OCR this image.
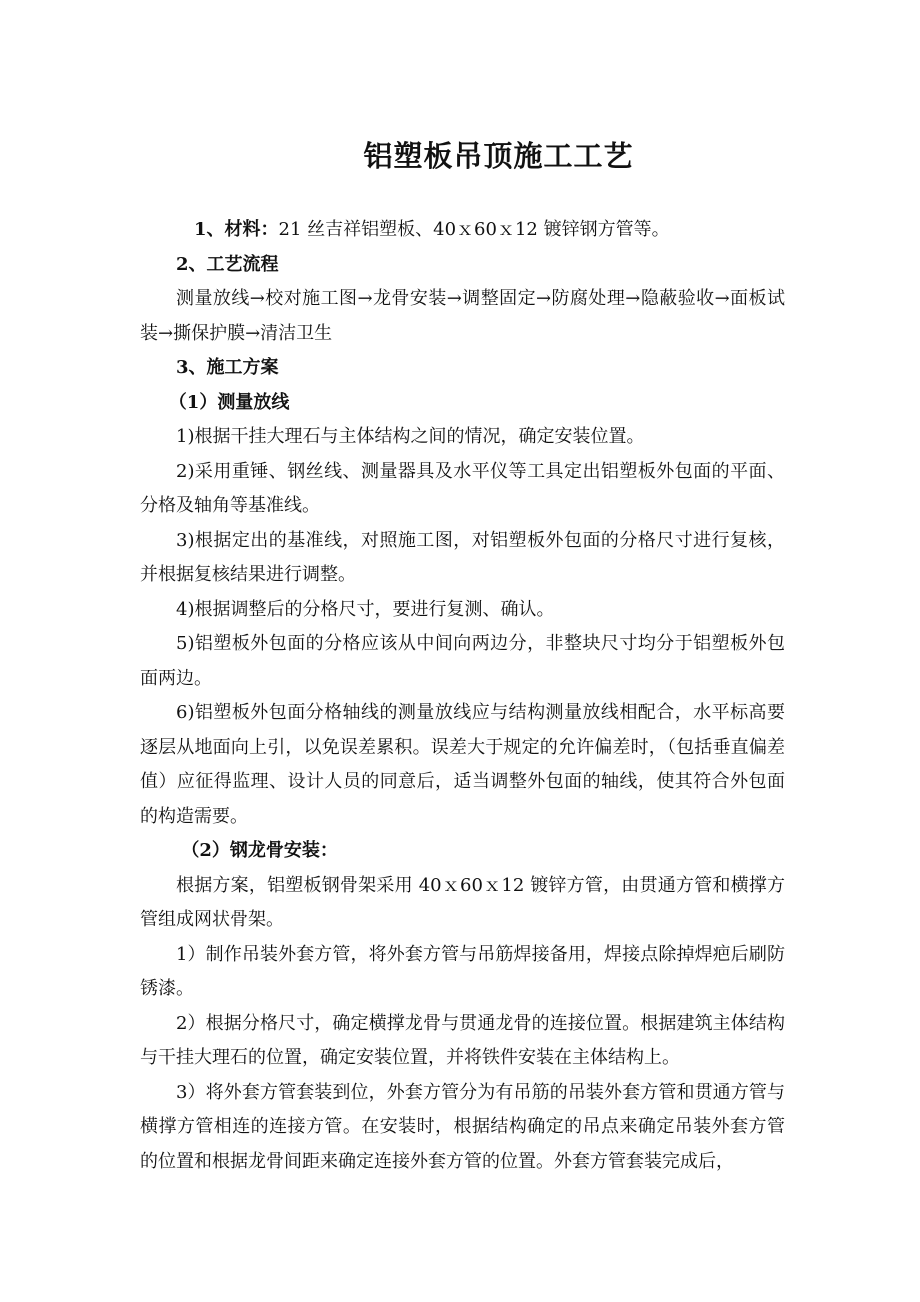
铝塑板吊顶施工工艺

1、材料：21 丝吉祥铝塑板、40ｘ60ｘ12 镀锌钢方管等。

2、工艺流程

测量放线→校对施工图→龙骨安装→调整固定→防腐处理→隐蔽验收→面板试装→撕保护膜→清洁卫生

3、施工方案

（1）测量放线

1)根据干挂大理石与主体结构之间的情况，确定安装位置。

2)采用重锤、钢丝线、测量器具及水平仪等工具定出铝塑板外包面的平面、分格及轴角等基准线。

3)根据定出的基准线，对照施工图，对铝塑板外包面的分格尺寸进行复核，并根据复核结果进行调整。

4)根据调整后的分格尺寸，要进行复测、确认。

5)铝塑板外包面的分格应该从中间向两边分，非整块尺寸均分于铝塑板外包面两边。

6)铝塑板外包面分格轴线的测量放线应与结构测量放线相配合，水平标高要逐层从地面向上引，以免误差累积。误差大于规定的允许偏差时，（包括垂直偏差值）应征得监理、设计人员的同意后，适当调整外包面的轴线，使其符合外包面的构造需要。

（2）钢龙骨安装：

根据方案，铝塑板钢骨架采用 40ｘ60ｘ12 镀锌方管，由贯通方管和横撑方管组成网状骨架。

1）制作吊装外套方管，将外套方管与吊筋焊接备用，焊接点除掉焊疤后刷防锈漆。

2）根据分格尺寸，确定横撑龙骨与贯通龙骨的连接位置。根据建筑主体结构与干挂大理石的位置，确定安装位置，并将铁件安装在主体结构上。

3）将外套方管套装到位，外套方管分为有吊筋的吊装外套方管和贯通方管与横撑方管相连的连接方管。在安装时，根据结构确定的吊点来确定吊装外套方管的位置和根据龙骨间距来确定连接外套方管的位置。外套方管套装完成后，
